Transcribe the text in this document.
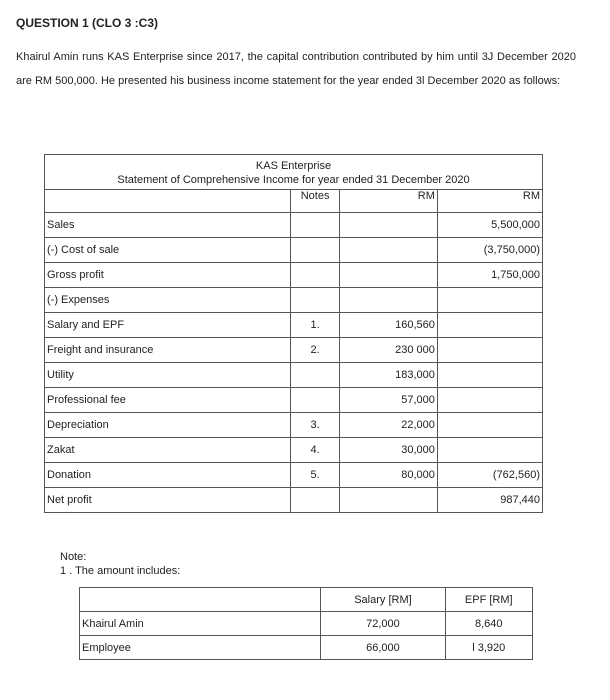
QUESTION 1 (CLO 3 :C3)
Khairul Amin runs KAS Enterprise since 2017, the capital contribution contributed by him until 3J December 2020 are RM 500,000. He presented his business income statement for the year ended 3l December 2020 as follows:
KAS Enterprise
Statement of Comprehensive Income for year ended 31 December 2020			

	Notes	RM	RM
Sales			5,500,000
(-) Cost of sale			(3,750,000)
Gross profit			1,750,000
(-) Expenses			
Salary and EPF	1.	160,560	
Freight and insurance	2.	230 000	
Utility		183,000	
Professional fee		57,000	
Depreciation	3.	22,000	
Zakat	4.	30,000	
Donation	5.	80,000	(762,560)
Net profit			987,440
Note:
1 . The amount includes:
	Salary [RM]	EPF [RM]
Khairul Amin	72,000	8,640
Employee	66,000	l 3,920
